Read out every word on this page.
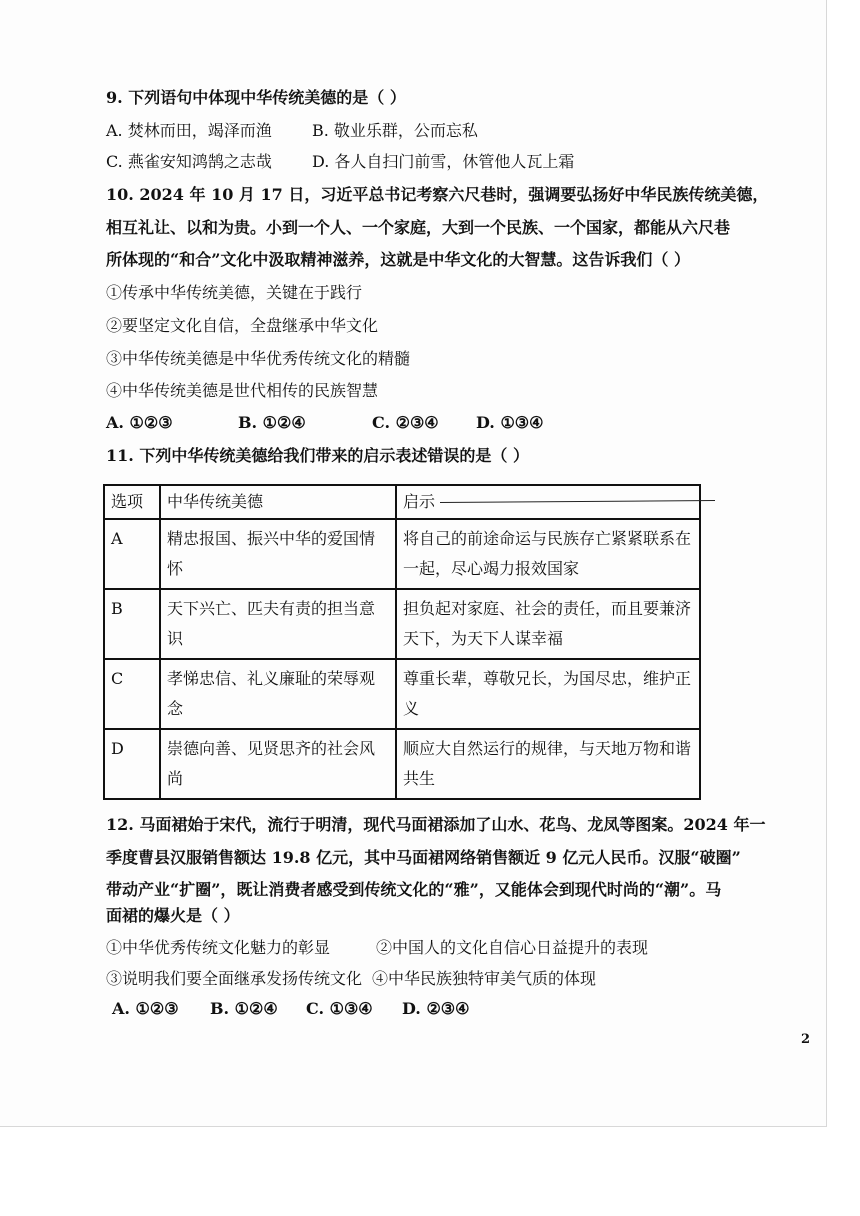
9. 下列语句中体现中华传统美德的是（ ）
A. 焚林而田，竭泽而渔	B. 敬业乐群，公而忘私
C. 燕雀安知鸿鹄之志哉	D. 各人自扫门前雪，休管他人瓦上霜
10. 2024 年 10 月 17 日，习近平总书记考察六尺巷时，强调要弘扬好中华民族传统美德，
相互礼让、以和为贵。小到一个人、一个家庭，大到一个民族、一个国家，都能从六尺巷
所体现的“和合”文化中汲取精神滋养，这就是中华文化的大智慧。这告诉我们（ ）
①传承中华传统美德，关键在于践行
②要坚定文化自信，全盘继承中华文化
③中华传统美德是中华优秀传统文化的精髓
④中华传统美德是世代相传的民族智慧
A. ①②③	B. ①②④	C. ②③④ D. ①③④
11. 下列中华传统美德给我们带来的启示表述错误的是（ ）
选项	中华传统美德	启示
A	精忠报国、振兴中华的爱国情怀	将自己的前途命运与民族存亡紧紧联系在一起，尽心竭力报效国家
B	天下兴亡、匹夫有责的担当意识	担负起对家庭、社会的责任，而且要兼济天下，为天下人谋幸福
C	孝悌忠信、礼义廉耻的荣辱观念	尊重长辈，尊敬兄长，为国尽忠，维护正义
D	崇德向善、见贤思齐的社会风尚	顺应大自然运行的规律，与天地万物和谐共生
12. 马面裙始于宋代，流行于明清，现代马面裙添加了山水、花鸟、龙凤等图案。2024 年一
季度曹县汉服销售额达 19.8 亿元，其中马面裙网络销售额近 9 亿元人民币。汉服“破圈”
带动产业“扩圈”，既让消费者感受到传统文化的“雅”，又能体会到现代时尚的“潮”。马
面裙的爆火是（ ）
①中华优秀传统文化魅力的彰显	②中国人的文化自信心日益提升的表现
③说明我们要全面继承发扬传统文化 ④中华民族独特审美气质的体现
A. ①②③ B. ①②④ C. ①③④ D. ②③④
2
